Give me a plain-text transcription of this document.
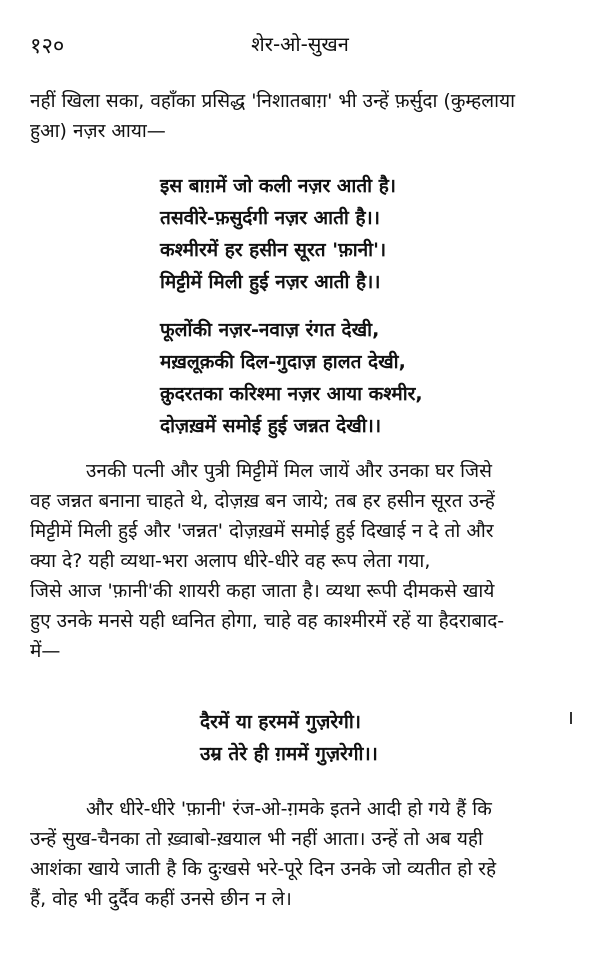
१२०	शेर-ओ-सुखन

नहीं खिला सका, वहाँका प्रसिद्ध 'निशातबाग़' भी उन्हें फ़र्सुदा (कुम्हलाया

हुआ) नज़र आया—

इस बाग़में जो कली नज़र आती है।

तसवीरे-फ़सुर्दगी नज़र आती है।।

कश्मीरमें हर हसीन सूरत 'फ़ानी'।

मिट्टीमें मिली हुई नज़र आती है।।

फूलोंकी नज़र-नवाज़ रंगत देखी,

मख़लूक़की दिल-गुदाज़ हालत देखी,

क़ुदरतका करिश्मा नज़र आया कश्मीर,

दोज़ख़में समोई हुई जन्नत देखी।।

उनकी पत्नी और पुत्री मिट्टीमें मिल जायें और उनका घर जिसे

वह जन्नत बनाना चाहते थे, दोज़ख़ बन जाये; तब हर हसीन सूरत उन्हें

मिट्टीमें मिली हुई और 'जन्नत' दोज़ख़में समोई हुई दिखाई न दे तो और

क्या दे? यही व्यथा-भरा अलाप धीरे-धीरे वह रूप लेता गया,

जिसे आज 'फ़ानी'की शायरी कहा जाता है। व्यथा रूपी दीमकसे खाये

हुए उनके मनसे यही ध्वनित होगा, चाहे वह काश्मीरमें रहें या हैदराबाद-

में—

दैरमें या हरममें गुज़रेगी।

उम्र तेरे ही ग़ममें गुज़रेगी।।

और धीरे-धीरे 'फ़ानी' रंज-ओ-ग़मके इतने आदी हो गये हैं कि

उन्हें सुख-चैनका तो ख़्वाबो-ख़याल भी नहीं आता। उन्हें तो अब यही

आशंका खाये जाती है कि दुःखसे भरे-पूरे दिन उनके जो व्यतीत हो रहे

हैं, वोह भी दुर्दैव कहीं उनसे छीन न ले।
